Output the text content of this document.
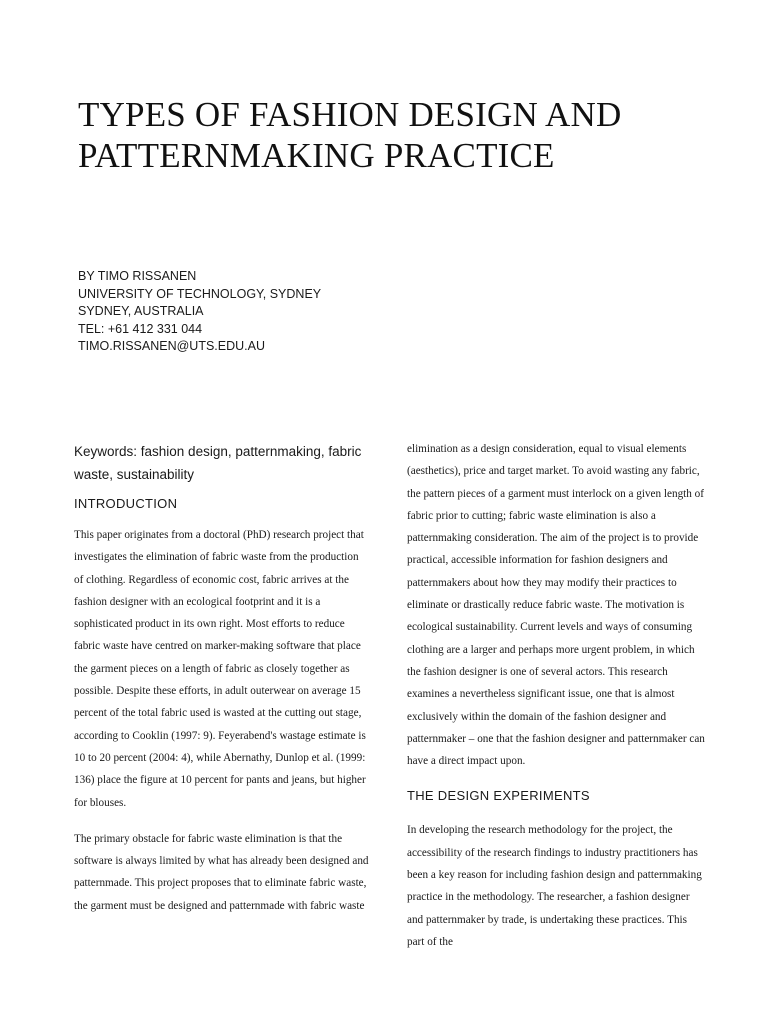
TYPES OF FASHION DESIGN AND
PATTERNMAKING PRACTICE
BY TIMO RISSANEN
UNIVERSITY OF TECHNOLOGY, SYDNEY
SYDNEY, AUSTRALIA
TEL: +61 412 331 044
TIMO.RISSANEN@UTS.EDU.AU

Keywords: fashion design, patternmaking, fabric waste, sustainability

INTRODUCTION

This paper originates from a doctoral (PhD) research project that investigates the elimination of fabric waste from the production of clothing. Regardless of economic cost, fabric arrives at the fashion designer with an ecological footprint and it is a sophisticated product in its own right. Most efforts to reduce fabric waste have centred on marker-making software that place the garment pieces on a length of fabric as closely together as possible. Despite these efforts, in adult outerwear on average 15 percent of the total fabric used is wasted at the cutting out stage, according to Cooklin (1997: 9). Feyerabend's wastage estimate is 10 to 20 percent (2004: 4), while Abernathy, Dunlop et al. (1999: 136) place the figure at 10 percent for pants and jeans, but higher for blouses.

The primary obstacle for fabric waste elimination is that the software is always limited by what has already been designed and patternmade. This project proposes that to eliminate fabric waste, the garment must be designed and patternmade with fabric waste

elimination as a design consideration, equal to visual elements (aesthetics), price and target market. To avoid wasting any fabric, the pattern pieces of a garment must interlock on a given length of fabric prior to cutting; fabric waste elimination is also a patternmaking consideration. The aim of the project is to provide practical, accessible information for fashion designers and patternmakers about how they may modify their practices to eliminate or drastically reduce fabric waste. The motivation is ecological sustainability. Current levels and ways of consuming clothing are a larger and perhaps more urgent problem, in which the fashion designer is one of several actors. This research examines a nevertheless significant issue, one that is almost exclusively within the domain of the fashion designer and patternmaker – one that the fashion designer and patternmaker can have a direct impact upon.

THE DESIGN EXPERIMENTS

In developing the research methodology for the project, the accessibility of the research findings to industry practitioners has been a key reason for including fashion design and patternmaking practice in the methodology. The researcher, a fashion designer and patternmaker by trade, is undertaking these practices. This part of the
